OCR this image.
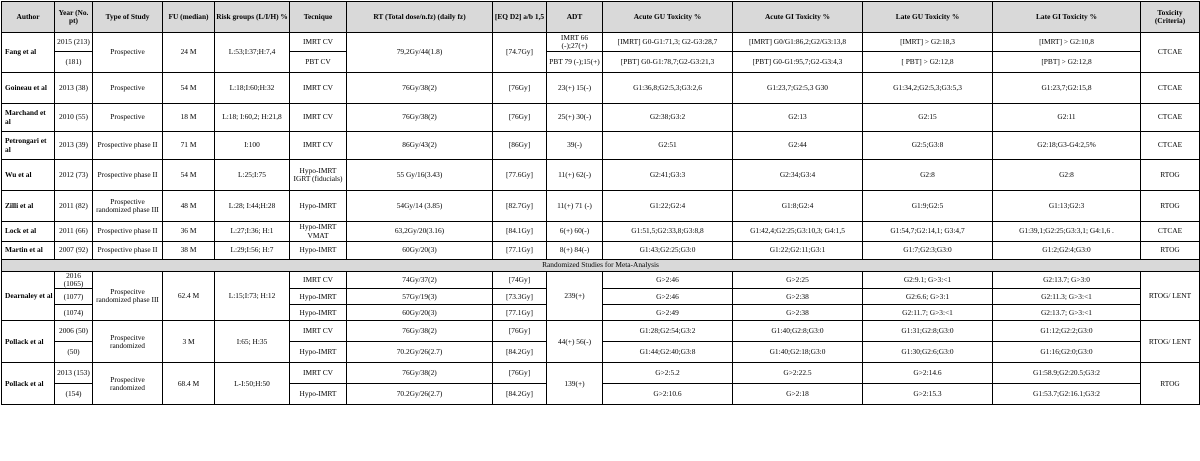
Author	Year (No. pt)	Type of Study	FU (median)	Risk groups (L/I/H) %	Tecnique	RT (Total dose/n.fz) (daily fz)	[EQ D2] a/b 1,5	ADT	Acute GU Toxicity %	Acute GI Toxicity %	Late GU Toxicity %	Late GI Toxicity %	Toxicity (Criteria)
Fang et al	2015 (213)	Prospective	24 M	L:53;I:37;H:7,4	IMRT CV	79,2Gy/44(1.8)	[74.7Gy]	IMRT 66 (-);27(+)	[IMRT] G0-G1:71,3; G2-G3:28,7	[IMRT] G0/G1:86,2;G2/G3:13,8	[IMRT] > G2:18,3	[IMRT] > G2:10,8	CTCAE
	(181)				PBT CV			PBT 79 (-);15(+)	[PBT] G0-G1:78,7;G2-G3:21,3	[PBT] G0-G1:95,7;G2-G3:4,3	[ PBT] > G2:12,8	[PBT] > G2:12,8	
Goineau et al	2013 (38)	Prospective	54 M	L:18;I:60;H:32	IMRT CV	76Gy/38(2)	[76Gy]	23(+) 15(-)	G1:36,8;G2:5,3;G3:2,6	G1:23,7;G2:5,3 G30	G1:34,2;G2:5,3;G3:5,3	G1:23,7;G2:15,8	CTCAE
Marchand et al	2010 (55)	Prospective	18 M	L:18; I:60,2; H:21,8	IMRT CV	76Gy/38(2)	[76Gy]	25(+) 30(-)	G2:38;G3:2	G2:13	G2:15	G2:11	CTCAE
Petrongari et al	2013 (39)	Prospective phase II	71 M	I:100	IMRT CV	86Gy/43(2)	[86Gy]	39(-)	G2:51	G2:44	G2:5;G3:8	G2:18;G3-G4:2,5%	CTCAE
Wu et al	2012 (73)	Prospective phase II	54 M	L:25;I:75	Hypo-IMRT IGRT (fiducials)	55 Gy/16(3.43)	[77.6Gy]	11(+) 62(-)	G2:41;G3:3	G2:34;G3:4	G2:8	G2:8	RTOG
Zilli et al	2011 (82)	Prospective randomized phase III	48 M	L:28; I:44;H:28	Hypo-IMRT	54Gy/14 (3.85)	[82.7Gy]	11(+) 71 (-)	G1:22;G2:4	G1:8;G2:4	G1:9;G2:5	G1:13;G2:3	RTOG
Lock et al	2011 (66)	Prospective phase II	36 M	L:27;I:36; H:1	Hypo-IMRT VMAT	63,2Gy/20(3.16)	[84.1Gy]	6(+) 60(-)	G1:51,5;G2:33,8;G3:8,8	G1:42,4;G2:25;G3:10,3; G4:1,5	G1:54,7;G2:14,1; G3:4,7	G1:39,1;G2:25;G3:3,1; G4:1,6 .	CTCAE
Martin et al	2007 (92)	Prospective phase II	38 M	L:29;I:56; H:7	Hypo-IMRT	60Gy/20(3)	[77.1Gy]	8(+) 84(-)	G1:43;G2:25;G3:0	G1:22;G2:11;G3:1	G1:7;G2:3;G3:0	G1:2;G2:4;G3:0	RTOG
Randomized Studies for Meta-Analysis													
Dearnaley et al	2016 (1065)	Prospecitve randomized phase III	62.4 M	L:15;I:73; H:12	IMRT CV	74Gy/37(2)	[74Gy]	239(+)	G>2:46	G>2:25	G2:9.1; G>3:<1	G2:13.7; G>3:0	RTOG/ LENT
	(1077)				Hypo-IMRT	57Gy/19(3)	[73.3Gy]		G>2:46	G>2:38	G2:6.6; G>3:1	G2:11.3; G>3:<1	
	(1074)				Hypo-IMRT	60Gy/20(3)	[77.1Gy]		G>2:49	G>2:38	G2:11.7; G>3:<1	G2:13.7; G>3:<1	
Pollack et al	2006 (50)	Prospecitve randomized	3 M	I:65; H:35	IMRT CV	76Gy/38(2)	[76Gy]	44(+) 56(-)	G1:28;G2:54;G3:2	G1:40;G2:8;G3:0	G1:31;G2:8;G3:0	G1:12;G2:2;G3:0	RTOG/ LENT
	(50)				Hypo-IMRT	70.2Gy/26(2.7)	[84.2Gy]		G1:44;G2:40;G3:8	G1:40;G2:18;G3:0	G1:30;G2:6;G3:0	G1:16;G2:0;G3:0	
Pollack et al	2013 (153)	Prospecitve randomized	68.4 M	L-I:50;H:50	IMRT CV	76Gy/38(2)	[76Gy]	139(+)	G>2:5.2	G>2:22.5	G>2:14.6	G1:58.9;G2:20.5;G3:2	RTOG
	(154)				Hypo-IMRT	70.2Gy/26(2.7)	[84.2Gy]		G>2:10.6	G>2:18	G>2:15.3	G1:53.7;G2:16.1;G3:2	
